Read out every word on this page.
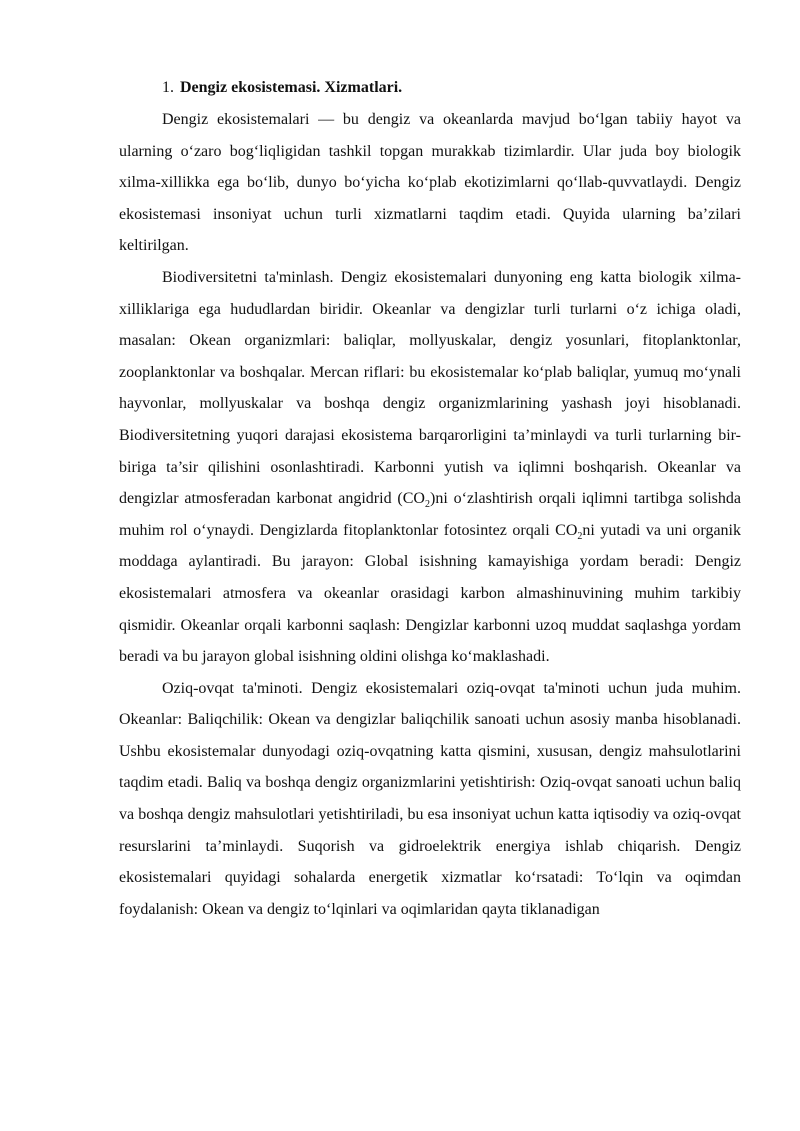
1. Dengiz ekosistemasi. Xizmatlari.

Dengiz ekosistemalari — bu dengiz va okeanlarda mavjud bo‘lgan tabiiy hayot va ularning o‘zaro bog‘liqligidan tashkil topgan murakkab tizimlardir. Ular juda boy biologik xilma-xillikka ega bo‘lib, dunyo bo‘yicha ko‘plab ekotizimlarni qo‘llab-quvvatlaydi. Dengiz ekosistemasi insoniyat uchun turli xizmatlarni taqdim etadi. Quyida ularning ba’zilari keltirilgan.

Biodiversitetni ta'minlash. Dengiz ekosistemalari dunyoning eng katta biologik xilma-xilliklariga ega hududlardan biridir. Okeanlar va dengizlar turli turlarni o‘z ichiga oladi, masalan: Okean organizmlari: baliqlar, mollyuskalar, dengiz yosunlari, fitoplanktonlar, zooplanktonlar va boshqalar. Mercan riflari: bu ekosistemalar ko‘plab baliqlar, yumuq mo‘ynali hayvonlar, mollyuskalar va boshqa dengiz organizmlarining yashash joyi hisoblanadi. Biodiversitetning yuqori darajasi ekosistema barqarorligini ta’minlaydi va turli turlarning bir-biriga ta’sir qilishini osonlashtiradi. Karbonni yutish va iqlimni boshqarish. Okeanlar va dengizlar atmosferadan karbonat angidrid $(CO_2)ni$ o‘zlashtirish orqali iqlimni tartibga solishda muhim rol o‘ynaydi. Dengizlarda fitoplanktonlar fotosintez orqali $CO_2ni$ yutadi va uni organik moddaga aylantiradi. Bu jarayon: Global isishning kamayishiga yordam beradi: Dengiz ekosistemalari atmosfera va okeanlar orasidagi karbon almashinuvining muhim tarkibiy qismidir. Okeanlar orqali karbonni saqlash: Dengizlar karbonni uzoq muddat saqlashga yordam beradi va bu jarayon global isishning oldini olishga ko‘maklashadi.

Oziq-ovqat ta'minoti. Dengiz ekosistemalari oziq-ovqat ta'minoti uchun juda muhim. Okeanlar: Baliqchilik: Okean va dengizlar baliqchilik sanoati uchun asosiy manba hisoblanadi. Ushbu ekosistemalar dunyodagi oziq-ovqatning katta qismini, xususan, dengiz mahsulotlarini taqdim etadi. Baliq va boshqa dengiz organizmlarini yetishtirish: Oziq-ovqat sanoati uchun baliq va boshqa dengiz mahsulotlari yetishtiriladi, bu esa insoniyat uchun katta iqtisodiy va oziq-ovqat resurslarini ta’minlaydi. Suqorish va gidroelektrik energiya ishlab chiqarish. Dengiz ekosistemalari quyidagi sohalarda energetik xizmatlar ko‘rsatadi: To‘lqin va oqimdan foydalanish: Okean va dengiz to‘lqinlari va oqimlaridan qayta tiklanadigan
